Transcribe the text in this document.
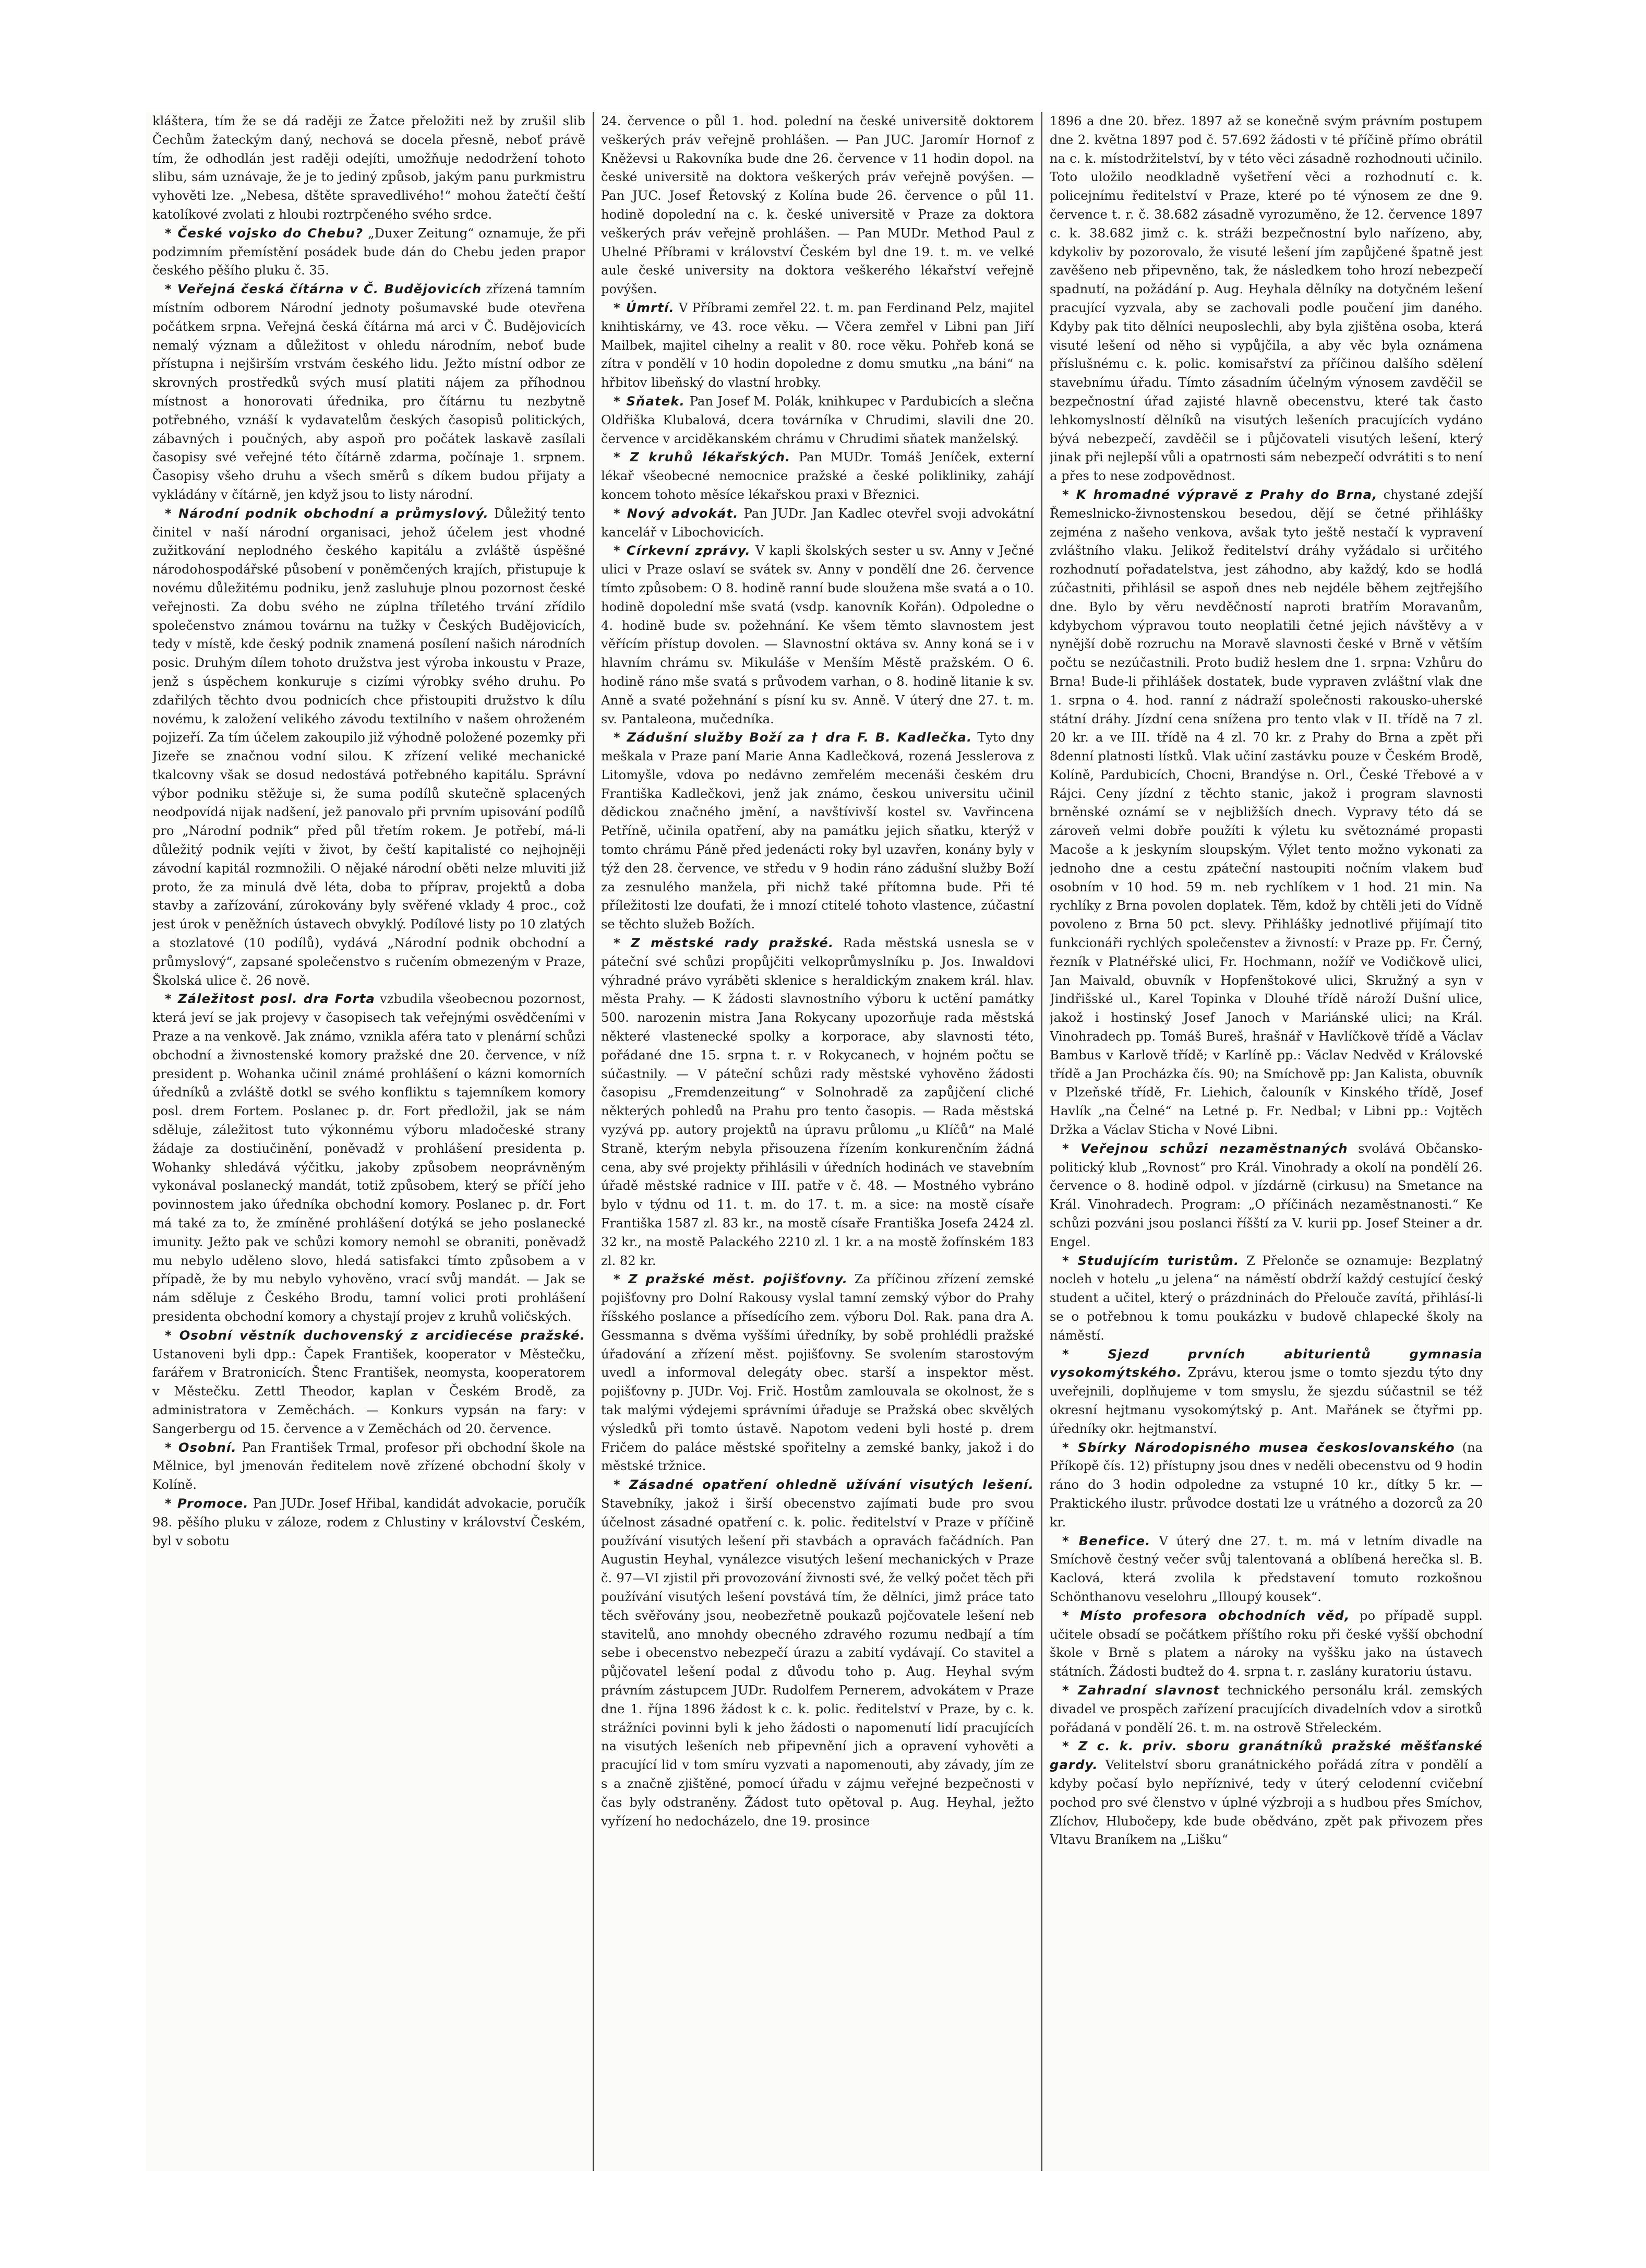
kláštera, tím že se dá raději ze Žatce přeložiti než by zrušil slib Čechům žateckým daný, nechová se docela přesně, neboť právě tím, že odhodlán jest raději odejíti, umožňuje nedodržení tohoto slibu, sám uznávaje, že je to jediný způsob, jakým panu purkmistru vyhověti lze. „Nebesa, dštěte spravedlivého!“ mohou žatečtí čeští katolíkové zvolati z hloubi roztrpčeného svého srdce.

* České vojsko do Chebu? „Duxer Zeitung“ oznamuje, že při podzimním přemístění posádek bude dán do Chebu jeden prapor českého pěšího pluku č. 35.

* Veřejná česká čítárna v Č. Budějovicích zřízená tamním místním odborem Národní jednoty pošumavské bude otevřena počátkem srpna. Veřejná česká čítárna má arci v Č. Budějovicích nemalý význam a důležitost v ohledu národním, neboť bude přístupna i nejširším vrstvám českého lidu. Ježto místní odbor ze skrovných prostředků svých musí platiti nájem za příhodnou místnost a honorovati úřednika, pro čítárnu tu nezbytně potřebného, vznáší k vydavatelům českých časopisů politických, zábavných i poučných, aby aspoň pro počátek laskavě zasílali časopisy své veřejné této čítárně zdarma, počínaje 1. srpnem. Časopisy všeho druhu a všech směrů s díkem budou přijaty a vykládány v čítárně, jen když jsou to listy národní.

* Národní podnik obchodní a průmyslový. Důležitý tento činitel v naší národní organisaci, jehož účelem jest vhodné zužitkování neplodného českého kapitálu a zvláště úspěšné národohospodářské působení v poněmčených krajích, přistupuje k novému důležitému podniku, jenž zasluhuje plnou pozornost české veřejnosti. Za dobu svého ne zúplna tříletého trvání zřídilo společenstvo známou továrnu na tužky v Českých Budějovicích, tedy v místě, kde český podnik znamená posílení našich národních posic. Druhým dílem tohoto družstva jest výroba inkoustu v Praze, jenž s úspěchem konkuruje s cizími výrobky svého druhu. Po zdařilých těchto dvou podnicích chce přistoupiti družstvo k dílu novému, k založení velikého závodu textilního v našem ohroženém pojizeří. Za tím účelem zakoupilo již výhodně položené pozemky při Jizeře se značnou vodní silou. K zřízení veliké mechanické tkalcovny však se dosud nedostává potřebného kapitálu. Správní výbor podniku stěžuje si, že suma podílů skutečně splacených neodpovídá nijak nadšení, jež panovalo při prvním upisování podílů pro „Národní podnik“ před půl třetím rokem. Je potřebí, má-li důležitý podnik vejíti v život, by čeští kapitalisté co nejhojněji závodní kapitál rozmnožili. O nějaké národní oběti nelze mluviti již proto, že za minulá dvě léta, doba to příprav, projektů a doba stavby a zařízování, zúrokovány byly svěřené vklady 4 proc., což jest úrok v peněžních ústavech obvyklý. Podílové listy po 10 zlatých a stozlatové (10 podílů), vydává „Národní podnik obchodní a průmyslový“, zapsané společenstvo s ručením obmezeným v Praze, Školská ulice č. 26 nově.

* Záležitost posl. dra Forta vzbudila všeobecnou pozornost, která jeví se jak projevy v časopisech tak veřejnými osvědčeními v Praze a na venkově. Jak známo, vznikla aféra tato v plenární schůzi obchodní a živnostenské komory pražské dne 20. července, v níž president p. Wohanka učinil známé prohlášení o kázni komorních úředníků a zvláště dotkl se svého konfliktu s tajemníkem komory posl. drem Fortem. Poslanec p. dr. Fort předložil, jak se nám sděluje, záležitost tuto výkonnému výboru mladočeské strany žádaje za dostiučinění, poněvadž v prohlášení presidenta p. Wohanky shledává výčitku, jakoby způsobem neoprávněným vykonával poslanecký mandát, totiž způsobem, který se příčí jeho povinnostem jako úředníka obchodní komory. Poslanec p. dr. Fort má také za to, že zmíněné prohlášení dotýká se jeho poslanecké imunity. Ježto pak ve schůzi komory nemohl se obraniti, poněvadž mu nebylo uděleno slovo, hledá satisfakci tímto způsobem a v případě, že by mu nebylo vyhověno, vrací svůj mandát. — Jak se nám sděluje z Českého Brodu, tamní volici proti prohlášení presidenta obchodní komory a chystají projev z kruhů voličských.

* Osobní věstník duchovenský z arcidiecése pražské. Ustanoveni byli dpp.: Čapek František, kooperator v Městečku, farářem v Bratronicích. Štenc František, neomysta, kooperatorem v Městečku. Zettl Theodor, kaplan v Českém Brodě, za administratora v Zeměchách. — Konkurs vypsán na fary: v Sangerbergu od 15. července a v Zeměchách od 20. července.

* Osobní. Pan František Trmal, profesor při obchodní škole na Mělnice, byl jmenován ředitelem nově zřízené obchodní školy v Kolíně.

* Promoce. Pan JUDr. Josef Hřibal, kandidát advokacie, poručík 98. pěšího pluku v záloze, rodem z Chlustiny v království Českém, byl v sobotu

24. července o půl 1. hod. polední na české universitě doktorem veškerých práv veřejně prohlášen. — Pan JUC. Jaromír Hornof z Kněževsi u Rakovníka bude dne 26. července v 11 hodin dopol. na české universitě na doktora veškerých práv veřejně povýšen. — Pan JUC. Josef Řetovský z Kolína bude 26. července o půl 11. hodině dopolední na c. k. české universitě v Praze za doktora veškerých práv veřejně prohlášen. — Pan MUDr. Method Paul z Uhelné Příbrami v království Českém byl dne 19. t. m. ve velké aule české university na doktora veškerého lékařství veřejně povýšen.

* Úmrtí. V Příbrami zemřel 22. t. m. pan Ferdinand Pelz, majitel knihtiskárny, ve 43. roce věku. — Včera zemřel v Libni pan Jiří Mailbek, majitel cihelny a realit v 80. roce věku. Pohřeb koná se zítra v pondělí v 10 hodin dopoledne z domu smutku „na báni“ na hřbitov libeňský do vlastní hrobky.

* Sňatek. Pan Josef M. Polák, knihkupec v Pardubicích a slečna Oldřiška Klubalová, dcera továrníka v Chrudimi, slavili dne 20. července v arciděkanském chrámu v Chrudimi sňatek manželský.

* Z kruhů lékařských. Pan MUDr. Tomáš Jeníček, externí lékař všeobecné nemocnice pražské a české polikliniky, zahájí koncem tohoto měsíce lékařskou praxi v Březnici.

* Nový advokát. Pan JUDr. Jan Kadlec otevřel svoji advokátní kancelář v Libochovicích.

* Církevní zprávy. V kapli školských sester u sv. Anny v Ječné ulici v Praze oslaví se svátek sv. Anny v pondělí dne 26. července tímto způsobem: O 8. hodině ranní bude sloužena mše svatá a o 10. hodině dopolední mše svatá (vsdp. kanovník Kořán). Odpoledne o 4. hodině bude sv. požehnání. Ke všem těmto slavnostem jest věřícím přístup dovolen. — Slavnostní oktáva sv. Anny koná se i v hlavním chrámu sv. Mikuláše v Menším Městě pražském. O 6. hodině ráno mše svatá s průvodem varhan, o 8. hodině litanie k sv. Anně a svaté požehnání s písní ku sv. Anně. V úterý dne 27. t. m. sv. Pantaleona, mučedníka.

* Zádušní služby Boží za † dra F. B. Kadlečka. Tyto dny meškala v Praze paní Marie Anna Kadlečková, rozená Jesslerova z Litomyšle, vdova po nedávno zemřelém mecenáši českém dru Františka Kadlečkovi, jenž jak známo, českou universitu učinil dědickou značného jmění, a navštívivší kostel sv. Vavřincena Petříně, učinila opatření, aby na památku jejich sňatku, kterýž v tomto chrámu Páně před jedenácti roky byl uzavřen, konány byly v týž den 28. července, ve středu v 9 hodin ráno zádušní služby Boží za zesnulého manžela, při nichž také přítomna bude. Při té příležitosti lze doufati, že i mnozí ctitelé tohoto vlastence, zúčastní se těchto služeb Božích.

* Z městské rady pražské. Rada městská usnesla se v páteční své schůzi propůjčiti velkoprůmyslníku p. Jos. Inwaldovi výhradné právo vyráběti sklenice s heraldickým znakem král. hlav. města Prahy. — K žádosti slavnostního výboru k uctění památky 500. narozenin mistra Jana Rokycany upozorňuje rada městská některé vlastenecké spolky a korporace, aby slavnosti této, pořádané dne 15. srpna t. r. v Rokycanech, v hojném počtu se súčastnily. — V páteční schůzi rady městské vyhověno žádosti časopisu „Fremdenzeitung“ v Solnohradě za zapůjčení cliché některých pohledů na Prahu pro tento časopis. — Rada městská vyzývá pp. autory projektů na úpravu průlomu „u Klíčů“ na Malé Straně, kterým nebyla přisouzena řízením konkurenčním žádná cena, aby své projekty přihlásili v úředních hodinách ve stavebním úřadě městské radnice v III. patře v č. 48. — Mostného vybráno bylo v týdnu od 11. t. m. do 17. t. m. a sice: na mostě císaře Františka 1587 zl. 83 kr., na mostě císaře Františka Josefa 2424 zl. 32 kr., na mostě Palackého 2210 zl. 1 kr. a na mostě žofínském 183 zl. 82 kr.

* Z pražské měst. pojišťovny. Za příčinou zřízení zemské pojišťovny pro Dolní Rakousy vyslal tamní zemský výbor do Prahy říšského poslance a přísedícího zem. výboru Dol. Rak. pana dra A. Gessmanna s dvěma vyššími úředníky, by sobě prohlédli pražské úřadování a zřízení měst. pojišťovny. Se svolením starostovým uvedl a informoval delegáty obec. starší a inspektor měst. pojišťovny p. JUDr. Voj. Frič. Hostům zamlouvala se okolnost, že s tak malými výdejemi správními úřaduje se Pražská obec skvělých výsledků při tomto ústavě. Napotom vedeni byli hosté p. drem Fričem do paláce městské spořitelny a zemské banky, jakož i do městské tržnice.

* Zásadné opatření ohledně užívání visutých lešení. Stavebníky, jakož i širší obecenstvo zajímati bude pro svou účelnost zásadné opatření c. k. polic. ředitelství v Praze v příčině používání visutých lešení při stavbách a opravách fačádních. Pan Augustin Heyhal, vynálezce visutých lešení mechanických v Praze č. 97—VI zjistil při provozování živnosti své, že velký počet těch při používání visutých lešení povstává tím, že dělníci, jimž práce tato těch svěřovány jsou, neobezřetně poukazů pojčovatele lešení neb stavitelů, ano mnohdy obecného zdravého rozumu nedbají a tím sebe i obecenstvo nebezpečí úrazu a zabití vydávají. Co stavitel a půjčovatel lešení podal z důvodu toho p. Aug. Heyhal svým právním zástupcem JUDr. Rudolfem Pernerem, advokátem v Praze dne 1. října 1896 žádost k c. k. polic. ředitelství v Praze, by c. k. strážníci povinni byli k jeho žádosti o napomenutí lidí pracujících na visutých lešeních neb připevnění jich a opravení vyhověti a pracující lid v tom smíru vyzvati a napomenouti, aby závady, jím ze s a značně zjištěné, pomocí úřadu v zájmu veřejné bezpečnosti v čas byly odstraněny. Žádost tuto opětoval p. Aug. Heyhal, ježto vyřízení ho nedocházelo, dne 19. prosince

1896 a dne 20. břez. 1897 až se konečně svým právním postupem dne 2. května 1897 pod č. 57.692 žádosti v té příčině přímo obrátil na c. k. místodržitelství, by v této věci zásadně rozhodnouti učinilo. Toto uložilo neodkladně vyšetření věci a rozhodnutí c. k. policejnímu ředitelství v Praze, které po té výnosem ze dne 9. července t. r. č. 38.682 zásadně vyrozuměno, že 12. července 1897 c. k. 38.682 jimž c. k. stráži bezpečnostní bylo nařízeno, aby, kdykoliv by pozorovalo, že visuté lešení jím zapůjčené špatně jest zavěšeno neb připevněno, tak, že následkem toho hrozí nebezpečí spadnutí, na požádání p. Aug. Heyhala dělníky na dotyčném lešení pracující vyzvala, aby se zachovali podle poučení jim daného. Kdyby pak tito dělníci neuposlechli, aby byla zjištěna osoba, která visuté lešení od něho si vypůjčila, a aby věc byla oznámena příslušnému c. k. polic. komisařství za příčinou dalšího sdělení stavebnímu úřadu. Tímto zásadním účelným výnosem zavděčil se bezpečnostní úřad zajisté hlavně obecenstvu, které tak často lehkomyslností dělníků na visutých lešeních pracujících vydáno bývá nebezpečí, zavděčil se i půjčovateli visutých lešení, který jinak při nejlepší vůli a opatrnosti sám nebezpečí odvrátiti s to není a přes to nese zodpovědnost.

* K hromadné výpravě z Prahy do Brna, chystané zdejší Řemeslnicko-živnostenskou besedou, dějí se četné přihlášky zejména z našeho venkova, avšak tyto ještě nestačí k vypravení zvláštního vlaku. Jelikož ředitelství dráhy vyžádalo si určitého rozhodnutí pořadatelstva, jest záhodno, aby každý, kdo se hodlá zúčastniti, přihlásil se aspoň dnes neb nejdéle během zejtřejšího dne. Bylo by věru nevděčností naproti bratřím Moravanům, kdybychom výpravou touto neoplatili četné jejich návštěvy a v nynější době rozruchu na Moravě slavnosti české v Brně v větším počtu se nezúčastnili. Proto budiž heslem dne 1. srpna: Vzhůru do Brna! Bude-li přihlášek dostatek, bude vypraven zvláštní vlak dne 1. srpna o 4. hod. ranní z nádraží společnosti rakousko-uherské státní dráhy. Jízdní cena snížena pro tento vlak v II. třídě na 7 zl. 20 kr. a ve III. třídě na 4 zl. 70 kr. z Prahy do Brna a zpět při 8denní platnosti lístků. Vlak učiní zastávku pouze v Českém Brodě, Kolíně, Pardubicích, Chocni, Brandýse n. Orl., České Třebové a v Rájci. Ceny jízdní z těchto stanic, jakož i program slavnosti brněnské oznámí se v nejbližších dnech. Vypravy této dá se zároveň velmi dobře použíti k výletu ku světoznámé propasti Macoše a k jeskyním sloupským. Výlet tento možno vykonati za jednoho dne a cestu zpáteční nastoupiti nočním vlakem buď osobním v 10 hod. 59 m. neb rychlíkem v 1 hod. 21 min. Na rychlíky z Brna povolen doplatek. Těm, kdož by chtěli jeti do Vídně povoleno z Brna 50 pct. slevy. Přihlášky jednotlivé přijímají tito funkcionáři rychlých společenstev a živností: v Praze pp. Fr. Černý, řezník v Platnéřské ulici, Fr. Hochmann, nožíř ve Vodičkově ulici, Jan Maivald, obuvník v Hopfenštokové ulici, Skružný a syn v Jindřišské ul., Karel Topinka v Dlouhé třídě nároží Dušní ulice, jakož i hostinský Josef Janoch v Mariánské ulici; na Král. Vinohradech pp. Tomáš Bureš, hrašnář v Havlíčkově třídě a Václav Bambus v Karlově třídě; v Karlíně pp.: Václav Nedvěd v Královské třídě a Jan Procházka čís. 90; na Smíchově pp: Jan Kalista, obuvník v Plzeňské třídě, Fr. Liehich, čalouník v Kinského třídě, Josef Havlík „na Čelné“ na Letné p. Fr. Nedbal; v Libni pp.: Vojtěch Držka a Václav Sticha v Nové Libni.

* Veřejnou schůzi nezaměstnaných svolává Občansko-politický klub „Rovnost“ pro Král. Vinohrady a okolí na pondělí 26. července o 8. hodině odpol. v jízdárně (cirkusu) na Smetance na Král. Vinohradech. Program: „O příčinách nezaměstnanosti.“ Ke schůzi pozváni jsou poslanci říšští za V. kurii pp. Josef Steiner a dr. Engel.

* Studujícím turistům. Z Přelonče se oznamuje: Bezplatný nocleh v hotelu „u jelena“ na náměstí obdrží každý cestující český student a učitel, který o prázdninách do Přelouče zavítá, přihlásí-li se o potřebnou k tomu poukázku v budově chlapecké školy na náměstí.

* Sjezd prvních abiturientů gymnasia vysokomýtského. Zprávu, kterou jsme o tomto sjezdu týto dny uveřejnili, doplňujeme v tom smyslu, že sjezdu súčastnil se též okresní hejtmanu vysokomýtský p. Ant. Mařánek se čtyřmi pp. úředníky okr. hejtmanství.

* Sbírky Národopisného musea českoslovanského (na Příkopě čís. 12) přístupny jsou dnes v neděli obecenstvu od 9 hodin ráno do 3 hodin odpoledne za vstupné 10 kr., dítky 5 kr. — Praktického ilustr. průvodce dostati lze u vrátného a dozorců za 20 kr.

* Benefice. V úterý dne 27. t. m. má v letním divadle na Smíchově čestný večer svůj talentovaná a oblíbená herečka sl. B. Kaclová, která zvolila k představení tomuto rozkošnou Schönthanovu veselohru „Illoupý kousek“.

* Místo profesora obchodních věd, po případě suppl. učitele obsadí se počátkem příštího roku při české vyšší obchodní škole v Brně s platem a nároky na vyššku jako na ústavech státních. Žádosti budtež do 4. srpna t. r. zaslány kuratoriu ústavu.

* Zahradní slavnost technického personálu král. zemských divadel ve prospěch zařízení pracujících divadelních vdov a sirotků pořádaná v pondělí 26. t. m. na ostrově Střeleckém.

* Z c. k. priv. sboru granátníků pražské měšťanské gardy. Velitelství sboru granátnického pořádá zítra v pondělí a kdyby počasí bylo nepříznivé, tedy v úterý celodenní cvičební pochod pro své členstvo v úplné výzbroji a s hudbou přes Smíchov, Zlíchov, Hlubočepy, kde bude obědváno, zpět pak přivozem přes Vltavu Braníkem na „Lišku“
